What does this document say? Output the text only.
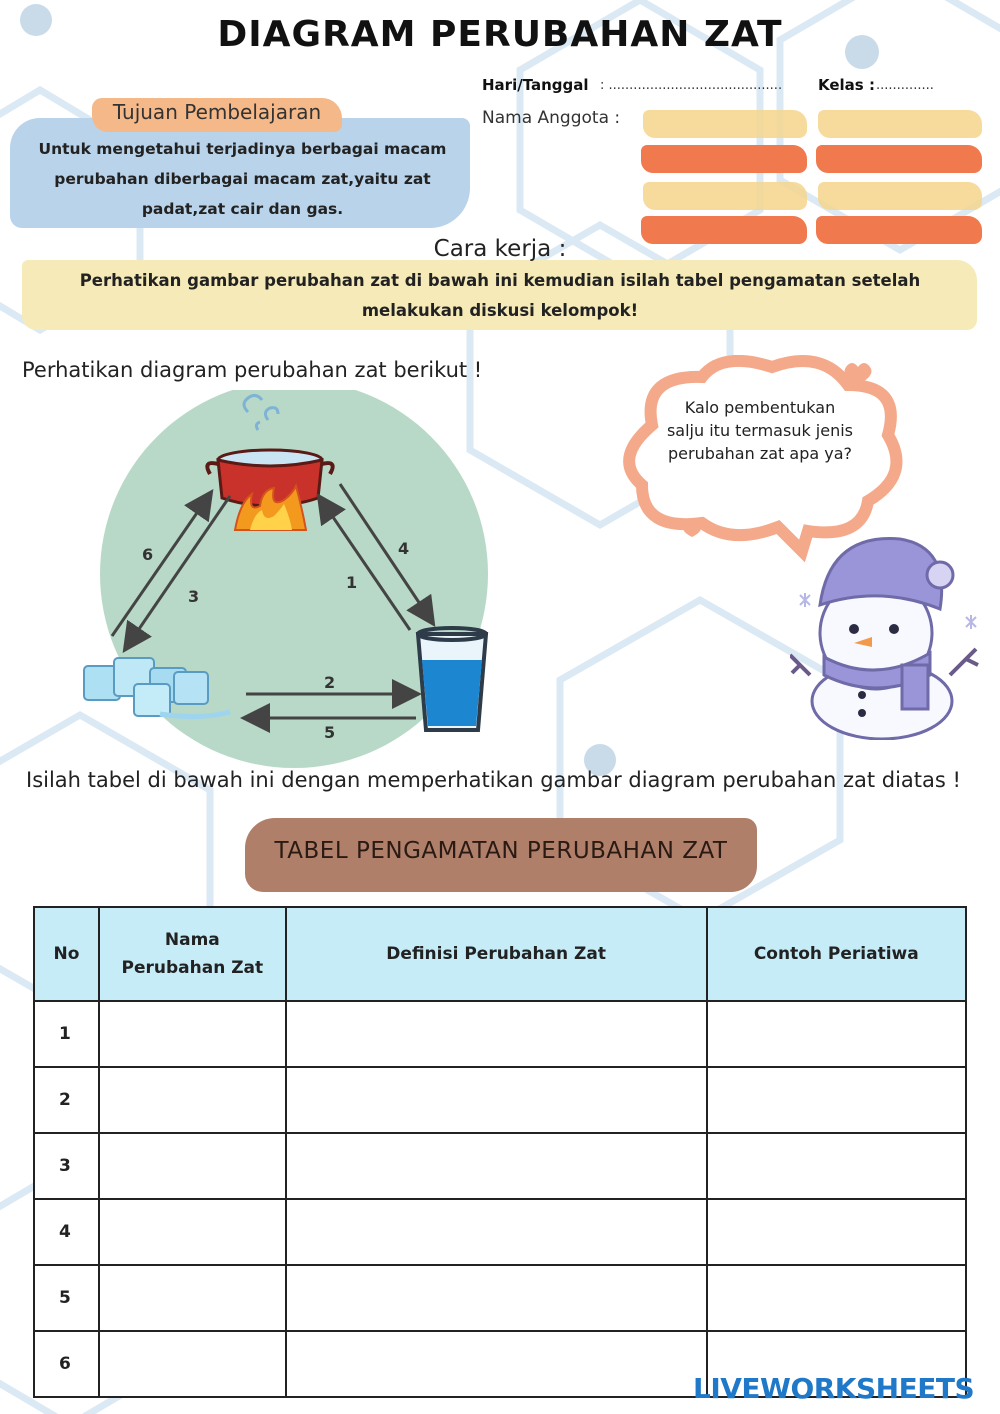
DIAGRAM PERUBAHAN ZAT
Hari/Tanggal : .......................................... Kelas : ..............
Nama Anggota :
Tujuan Pembelajaran
Untuk mengetahui terjadinya berbagai macam perubahan diberbagai macam zat,yaitu zat padat,zat cair dan gas.
Cara kerja :
Perhatikan gambar perubahan zat di bawah ini kemudian isilah tabel pengamatan setelah melakukan diskusi kelompok!
Perhatikan diagram perubahan zat berikut !
1
2
3
4
5
6
Kalo pembentukan salju itu termasuk jenis perubahan zat apa ya?
Isilah tabel di bawah ini dengan memperhatikan gambar diagram perubahan zat diatas !
TABEL PENGAMATAN PERUBAHAN ZAT
No	Nama Perubahan Zat	Definisi Perubahan Zat	Contoh Periatiwa
1			
2			
3			
4			
5			
6			
LIVEWORKSHEETS
